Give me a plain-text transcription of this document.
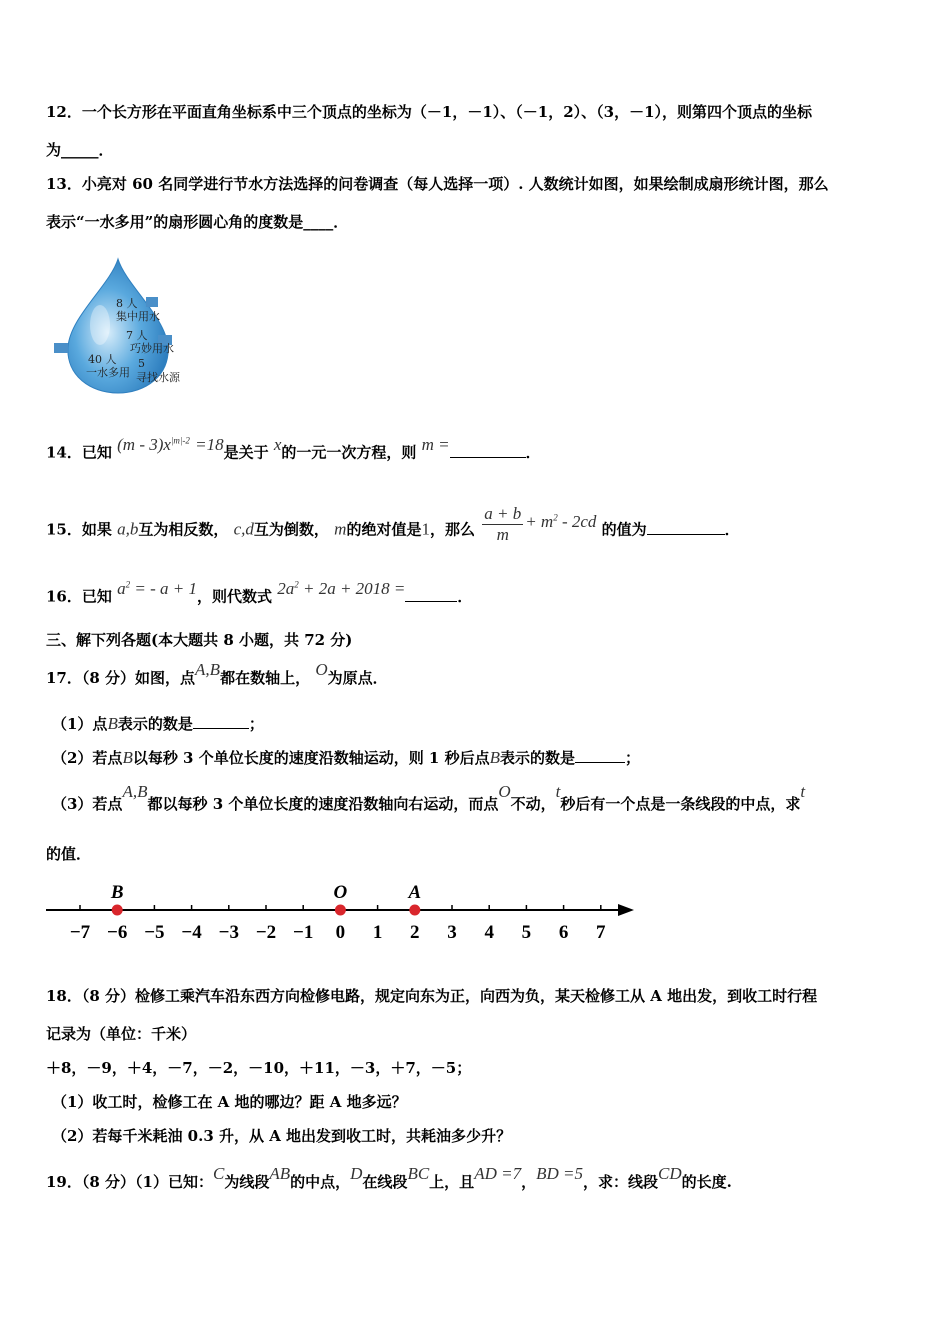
12．一个长方形在平面直角坐标系中三个顶点的坐标为（－1，－1）、（－1，2）、（3，－1），则第四个顶点的坐标
为_____．
13．小亮对 60 名同学进行节水方法选择的问卷调查（每人选择一项）. 人数统计如图，如果绘制成扇形统计图，那么
表示“一水多用”的扇形圆心角的度数是____．
8 人
集中用水
7 人
巧妙用水
40 人
一水多用
5
寻找水源
14．已知 $(m - 3)x^{|m|-2} =18$是关于 x的一元一次方程，则 m =	．
15．如果 a,b互为相反数， c,d互为倒数， m的绝对值是1，那么 $\frac{a + b}{m} + m^2 - 2cd$ 的值为	．
16．已知 $a^2$ = - a + 1，则代数式 $2a^2 + 2a + 2018$ =	．
三、解下列各题(本大题共 8 小题，共 72 分)
17．（8 分）如图，点A,B都在数轴上， O为原点．
（1）点B表示的数是	；
（2）若点B以每秒 3 个单位长度的速度沿数轴运动，则 1 秒后点B表示的数是	；
（3）若点A,B都以每秒 3 个单位长度的速度沿数轴向右运动，而点O不动，t秒后有一个点是一条线段的中点，求t
的值．
−7 −6 −5 −4 −3 −2 −1 0 1 2 3 4 5 6 7
B	O	A
18．（8 分）检修工乘汽车沿东西方向检修电路，规定向东为正，向西为负，某天检修工从 A 地出发，到收工时行程
记录为（单位：千米）
＋8，－9，＋4，－7，－2，－10，＋11，－3，＋7，－5；
（1）收工时，检修工在 A 地的哪边？距 A 地多远？
（2）若每千米耗油 0.3 升，从 A 地出发到收工时，共耗油多少升？
19．（8 分）（1）已知：C为线段AB的中点，D在线段BC上，且AD =7，BD =5，求：线段CD的长度.
